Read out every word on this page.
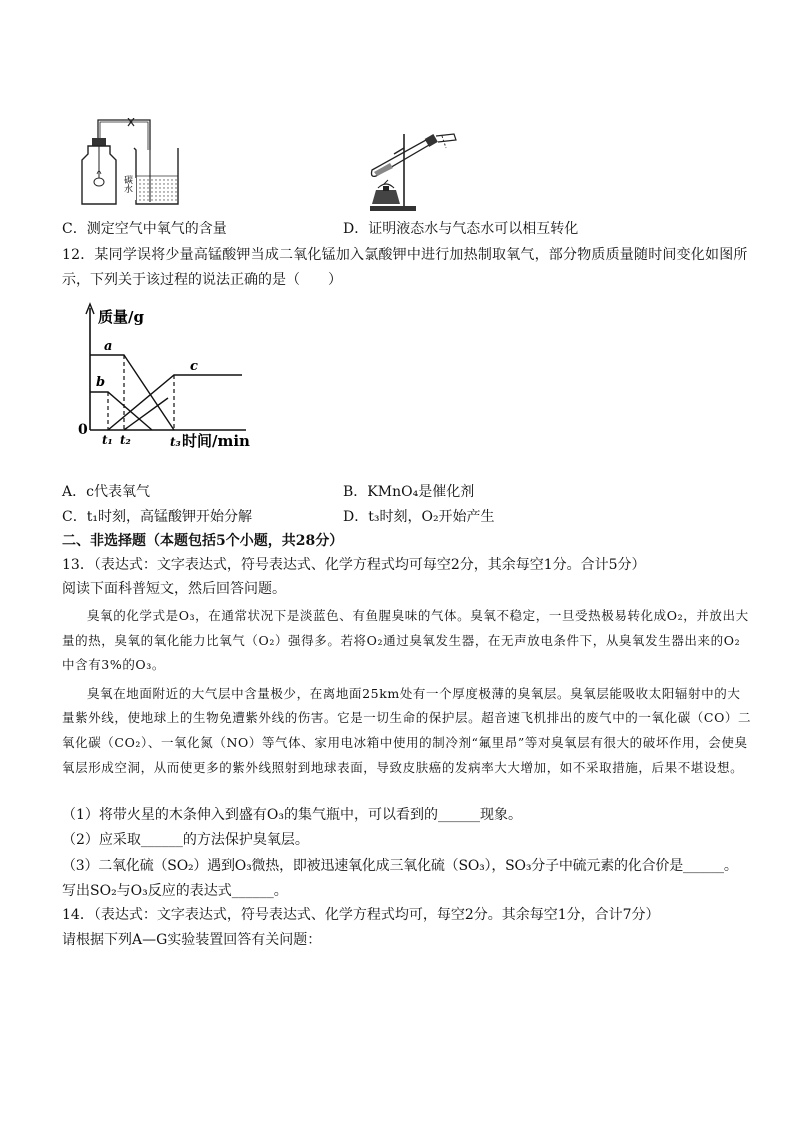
碳水
C．测定空气中氧气的含量	D．证明液态水与气态水可以相互转化
12．某同学误将少量高锰酸钾当成二氧化锰加入氯酸钾中进行加热制取氧气，部分物质质量随时间变化如图所
示，下列关于该过程的说法正确的是（　　）
质量/g
0
a
b
c
t₁ t₂	t₃ 时间/min
A．c代表氧气	B．KMnO₄是催化剂
C．t₁时刻，高锰酸钾开始分解	D．t₃时刻，O₂开始产生
二、非选择题（本题包括5个小题，共28分）
13．（表达式：文字表达式，符号表达式、化学方程式均可每空2分，其余每空1分。合计5分）
阅读下面科普短文，然后回答问题。

臭氧的化学式是O₃，在通常状况下是淡蓝色、有鱼腥臭味的气体。臭氧不稳定，一旦受热极易转化成O₂，并放出大量的热，臭氧的氧化能力比氧气（O₂）强得多。若将O₂通过臭氧发生器，在无声放电条件下，从臭氧发生器出来的O₂中含有3%的O₃。

臭氧在地面附近的大气层中含量极少，在离地面25km处有一个厚度极薄的臭氧层。臭氧层能吸收太阳辐射中的大量紫外线，使地球上的生物免遭紫外线的伤害。它是一切生命的保护层。超音速飞机排出的废气中的一氧化碳（CO）二氧化碳（CO₂）、一氧化氮（NO）等气体、家用电冰箱中使用的制冷剂“氟里昂”等对臭氧层有很大的破坏作用，会使臭氧层形成空洞，从而使更多的紫外线照射到地球表面，导致皮肤癌的发病率大大增加，如不采取措施，后果不堪设想。

（1）将带火星的木条伸入到盛有O₃的集气瓶中，可以看到的______现象。
（2）应采取______的方法保护臭氧层。
（3）二氧化硫（SO₂）遇到O₃微热，即被迅速氧化成三氧化硫（SO₃），SO₃分子中硫元素的化合价是______。
写出SO₂与O₃反应的表达式______。
14．（表达式：文字表达式，符号表达式、化学方程式均可，每空2分。其余每空1分，合计7分）
请根据下列A—G实验装置回答有关问题：
